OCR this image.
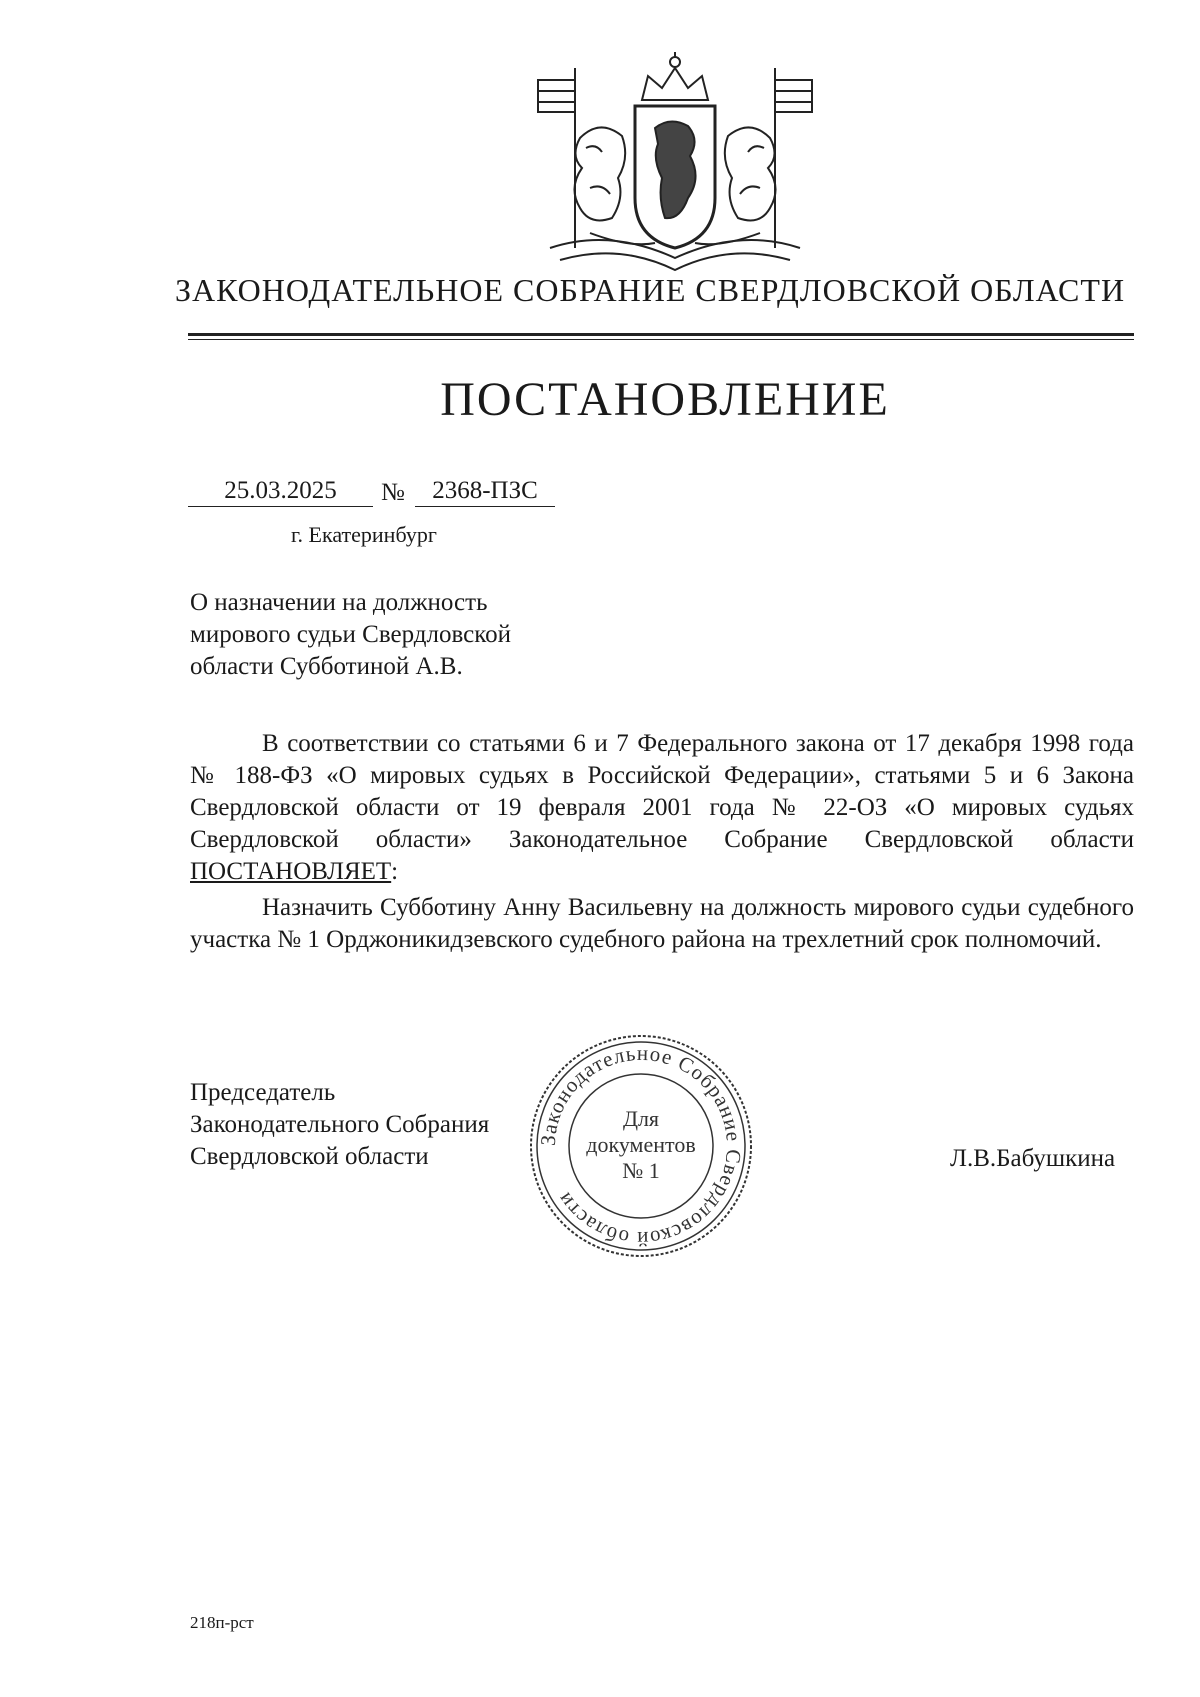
ЗАКОНОДАТЕЛЬНОЕ СОБРАНИЕ СВЕРДЛОВСКОЙ ОБЛАСТИ
ПОСТАНОВЛЕНИЕ
25.03.2025	№	2368-ПЗС
г. Екатеринбург
О назначении на должность
мирового судьи Свердловской
области Субботиной А.В.

В соответствии со статьями 6 и 7 Федерального закона от 17 декабря 1998 года № 188-ФЗ «О мировых судьях в Российской Федерации», статьями 5 и 6 Закона Свердловской области от 19 февраля 2001 года № 22-ОЗ «О мировых судьях Свердловской области» Законодательное Собрание Свердловской области ПОСТАНОВЛЯЕТ:

Назначить Субботину Анну Васильевну на должность мирового судьи судебного участка № 1 Орджоникидзевского судебного района на трехлетний срок полномочий.

Председатель
Законодательного Собрания
Свердловской области	Л.В.Бабушкина
Законодательное Собрание Свердловской области
Для
документов
№ 1
218п-рст
